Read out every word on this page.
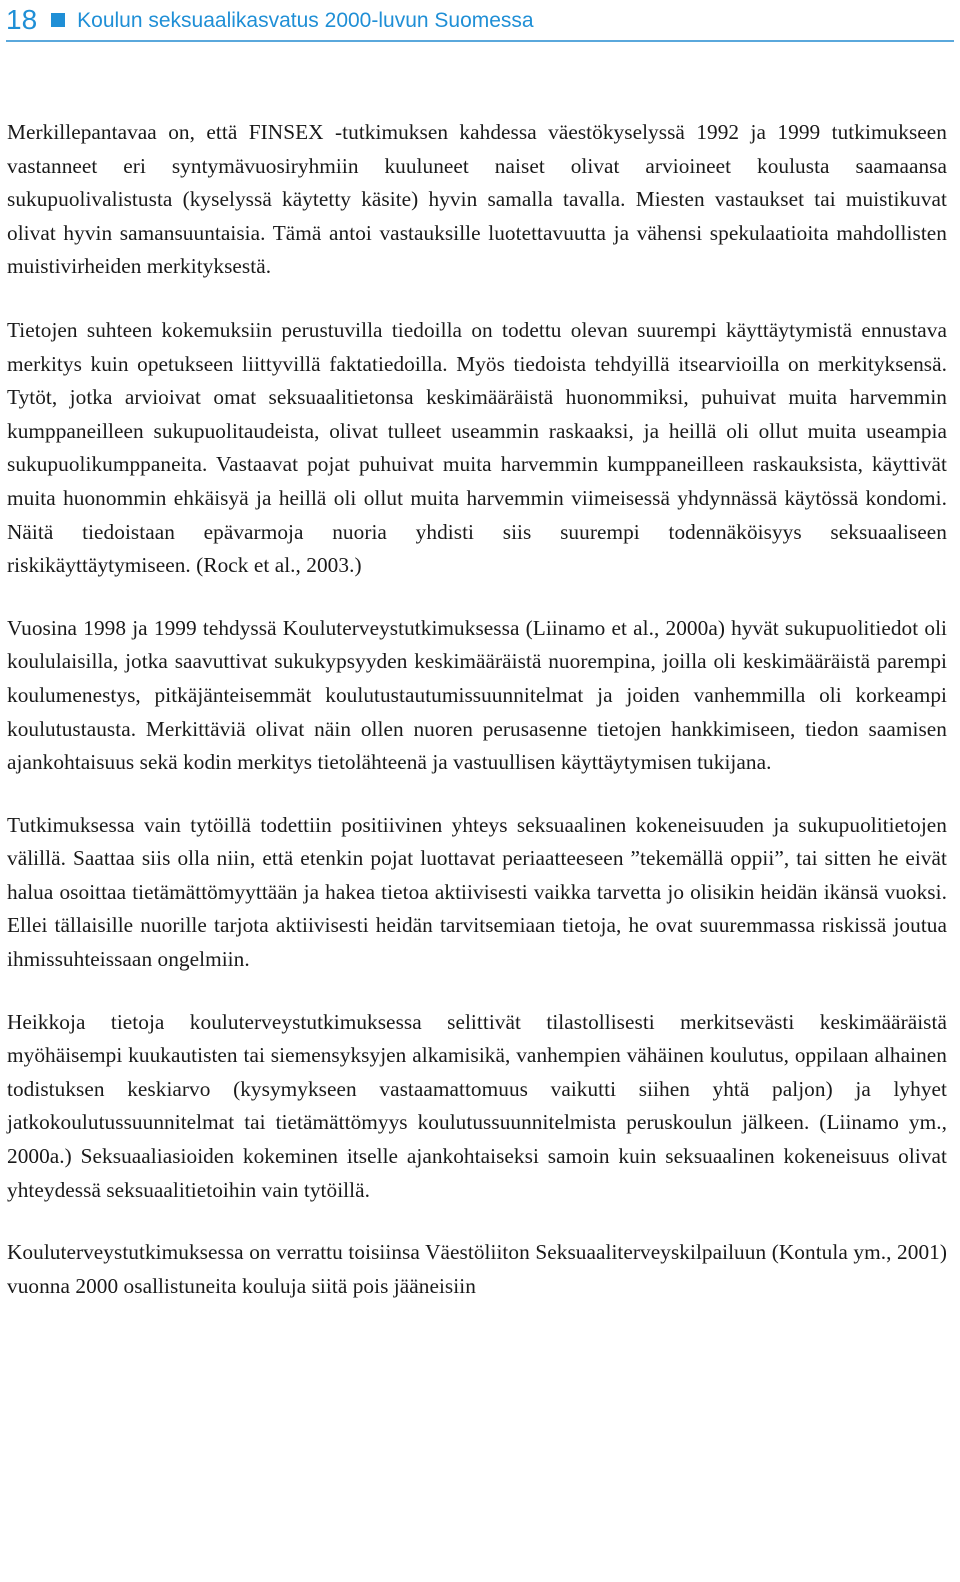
18 Koulun seksuaalikasvatus 2000-luvun Suomessa

Merkillepantavaa on, että FINSEX -tutkimuksen kahdessa väestökyselyssä 1992 ja 1999 tutkimukseen vastanneet eri syntymävuosiryhmiin kuuluneet naiset olivat arvioineet koulusta saamaansa sukupuolivalistusta (kyselyssä käytetty käsite) hyvin samalla tavalla. Miesten vastaukset tai muistikuvat olivat hyvin samansuuntaisia. Tämä antoi vastauksille luotettavuutta ja vähensi spekulaatioita mahdollisten muistivirheiden merkityksestä.

Tietojen suhteen kokemuksiin perustuvilla tiedoilla on todettu olevan suurempi käyttäytymistä ennustava merkitys kuin opetukseen liittyvillä faktatiedoilla. Myös tiedoista tehdyillä itsearvioilla on merkityksensä. Tytöt, jotka arvioivat omat seksuaalitietonsa keskimääräistä huonommiksi, puhuivat muita harvemmin kumppaneilleen sukupuolitaudeista, olivat tulleet useammin raskaaksi, ja heillä oli ollut muita useampia sukupuolikumppaneita. Vastaavat pojat puhuivat muita harvemmin kumppaneilleen raskauksista, käyttivät muita huonommin ehkäisyä ja heillä oli ollut muita harvemmin viimeisessä yhdynnässä käytössä kondomi. Näitä tiedoistaan epävarmoja nuoria yhdisti siis suurempi todennäköisyys seksuaaliseen riskikäyttäytymiseen. (Rock et al., 2003.)

Vuosina 1998 ja 1999 tehdyssä Kouluterveystutkimuksessa (Liinamo et al., 2000a) hyvät sukupuolitiedot oli koululaisilla, jotka saavuttivat sukukypsyyden keskimääräistä nuorempina, joilla oli keskimääräistä parempi koulumenestys, pitkäjänteisemmät koulutustautumissuunnitelmat ja joiden vanhemmilla oli korkeampi koulutustausta. Merkittäviä olivat näin ollen nuoren perusasenne tietojen hankkimiseen, tiedon saamisen ajankohtaisuus sekä kodin merkitys tietolähteenä ja vastuullisen käyttäytymisen tukijana.

Tutkimuksessa vain tytöillä todettiin positiivinen yhteys seksuaalinen kokeneisuuden ja sukupuolitietojen välillä. Saattaa siis olla niin, että etenkin pojat luottavat periaatteeseen ”tekemällä oppii”, tai sitten he eivät halua osoittaa tietämättömyyttään ja hakea tietoa aktiivisesti vaikka tarvetta jo olisikin heidän ikänsä vuoksi. Ellei tällaisille nuorille tarjota aktiivisesti heidän tarvitsemiaan tietoja, he ovat suuremmassa riskissä joutua ihmissuhteissaan ongelmiin.

Heikkoja tietoja kouluterveystutkimuksessa selittivät tilastollisesti merkitsevästi keskimääräistä myöhäisempi kuukautisten tai siemensyksyjen alkamisikä, vanhempien vähäinen koulutus, oppilaan alhainen todistuksen keskiarvo (kysymykseen vastaamattomuus vaikutti siihen yhtä paljon) ja lyhyet jatkokoulutussuunnitelmat tai tietämättömyys koulutussuunnitelmista peruskoulun jälkeen. (Liinamo ym., 2000a.) Seksuaaliasioiden kokeminen itselle ajankohtaiseksi samoin kuin seksuaalinen kokeneisuus olivat yhteydessä seksuaalitietoihin vain tytöillä.

Kouluterveystutkimuksessa on verrattu toisiinsa Väestöliiton Seksuaaliterveyskilpailuun (Kontula ym., 2001) vuonna 2000 osallistuneita kouluja siitä pois jääneisiin
